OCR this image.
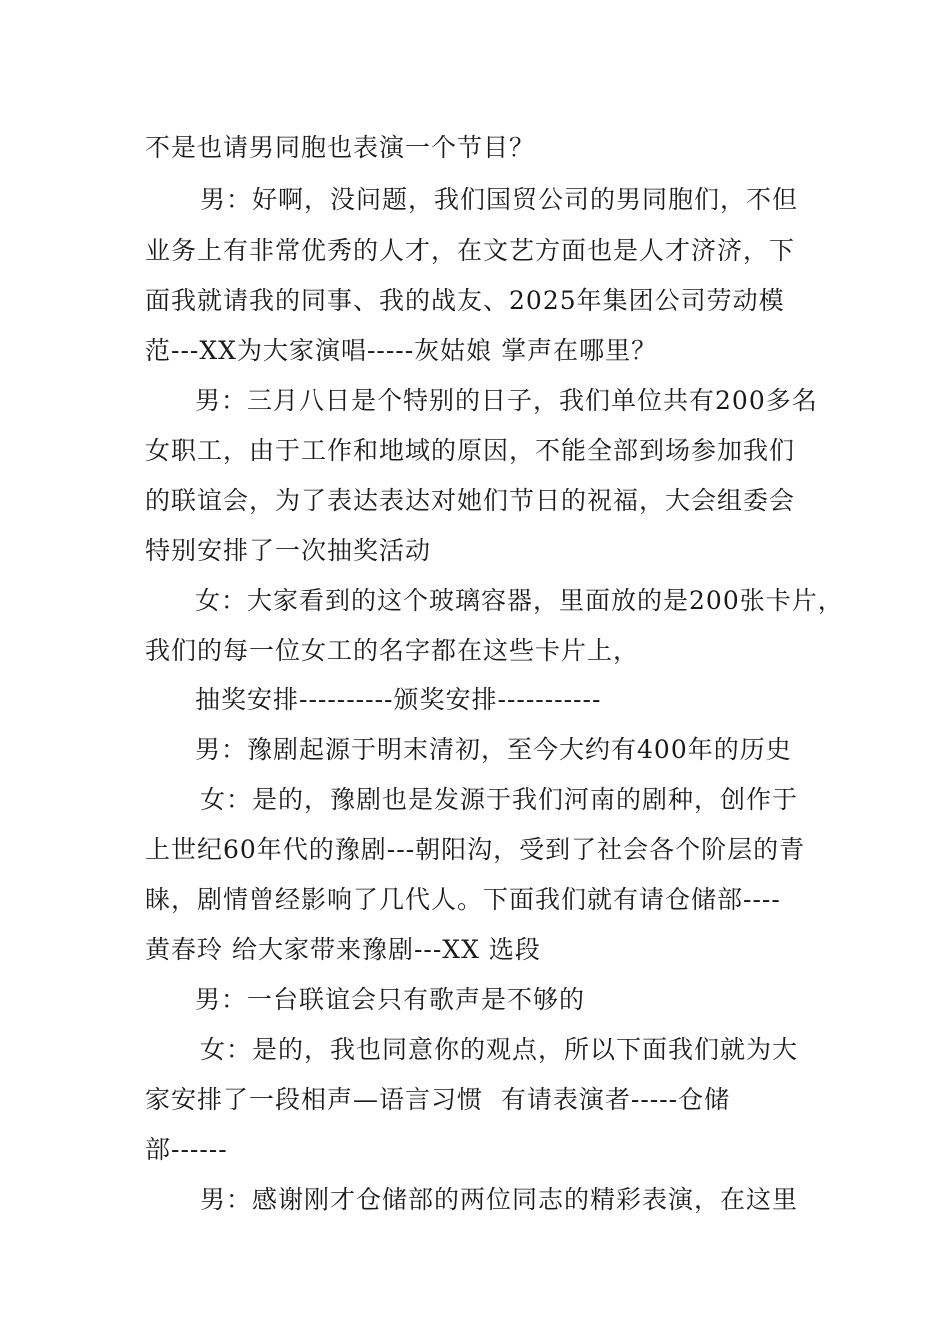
不是也请男同胞也表演一个节目？
男：好啊，没问题，我们国贸公司的男同胞们，不但
业务上有非常优秀的人才，在文艺方面也是人才济济，下
面我就请我的同事、我的战友、2025年集团公司劳动模
范---XX为大家演唱-----灰姑娘 掌声在哪里？
男：三月八日是个特别的日子，我们单位共有200多名
女职工，由于工作和地域的原因，不能全部到场参加我们
的联谊会，为了表达表达对她们节日的祝福，大会组委会
特别安排了一次抽奖活动
女：大家看到的这个玻璃容器，里面放的是200张卡片，
我们的每一位女工的名字都在这些卡片上，
抽奖安排----------颁奖安排-----------
男：豫剧起源于明末清初，至今大约有400年的历史
女：是的，豫剧也是发源于我们河南的剧种，创作于
上世纪60年代的豫剧---朝阳沟，受到了社会各个阶层的青
睐，剧情曾经影响了几代人。下面我们就有请仓储部----
黄春玲 给大家带来豫剧---XX 选段
男：一台联谊会只有歌声是不够的
女：是的，我也同意你的观点，所以下面我们就为大
家安排了一段相声—语言习惯  有请表演者-----仓储
部------
男：感谢刚才仓储部的两位同志的精彩表演，在这里
